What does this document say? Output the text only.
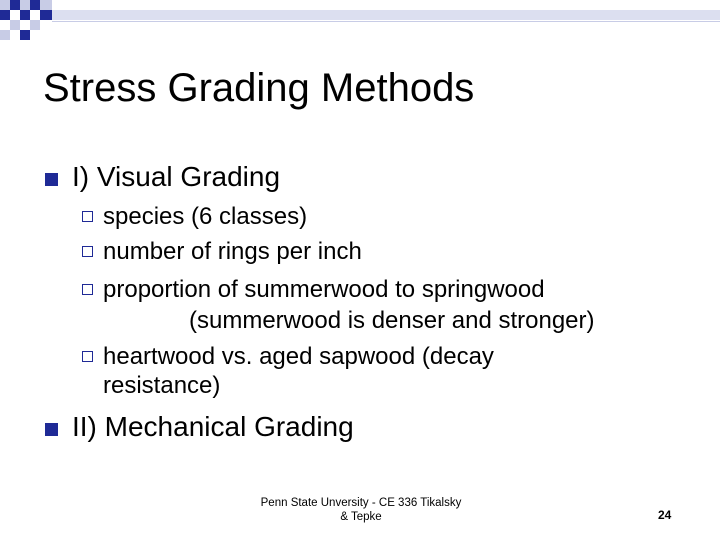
Stress Grading Methods
I) Visual Grading
species (6 classes)
number of rings per inch
proportion of summerwood to springwood
(summerwood is denser and stronger)
heartwood vs. aged sapwood (decay
resistance)
II) Mechanical Grading
Penn State Unversity - CE 336 Tikalsky
& Tepke	24
